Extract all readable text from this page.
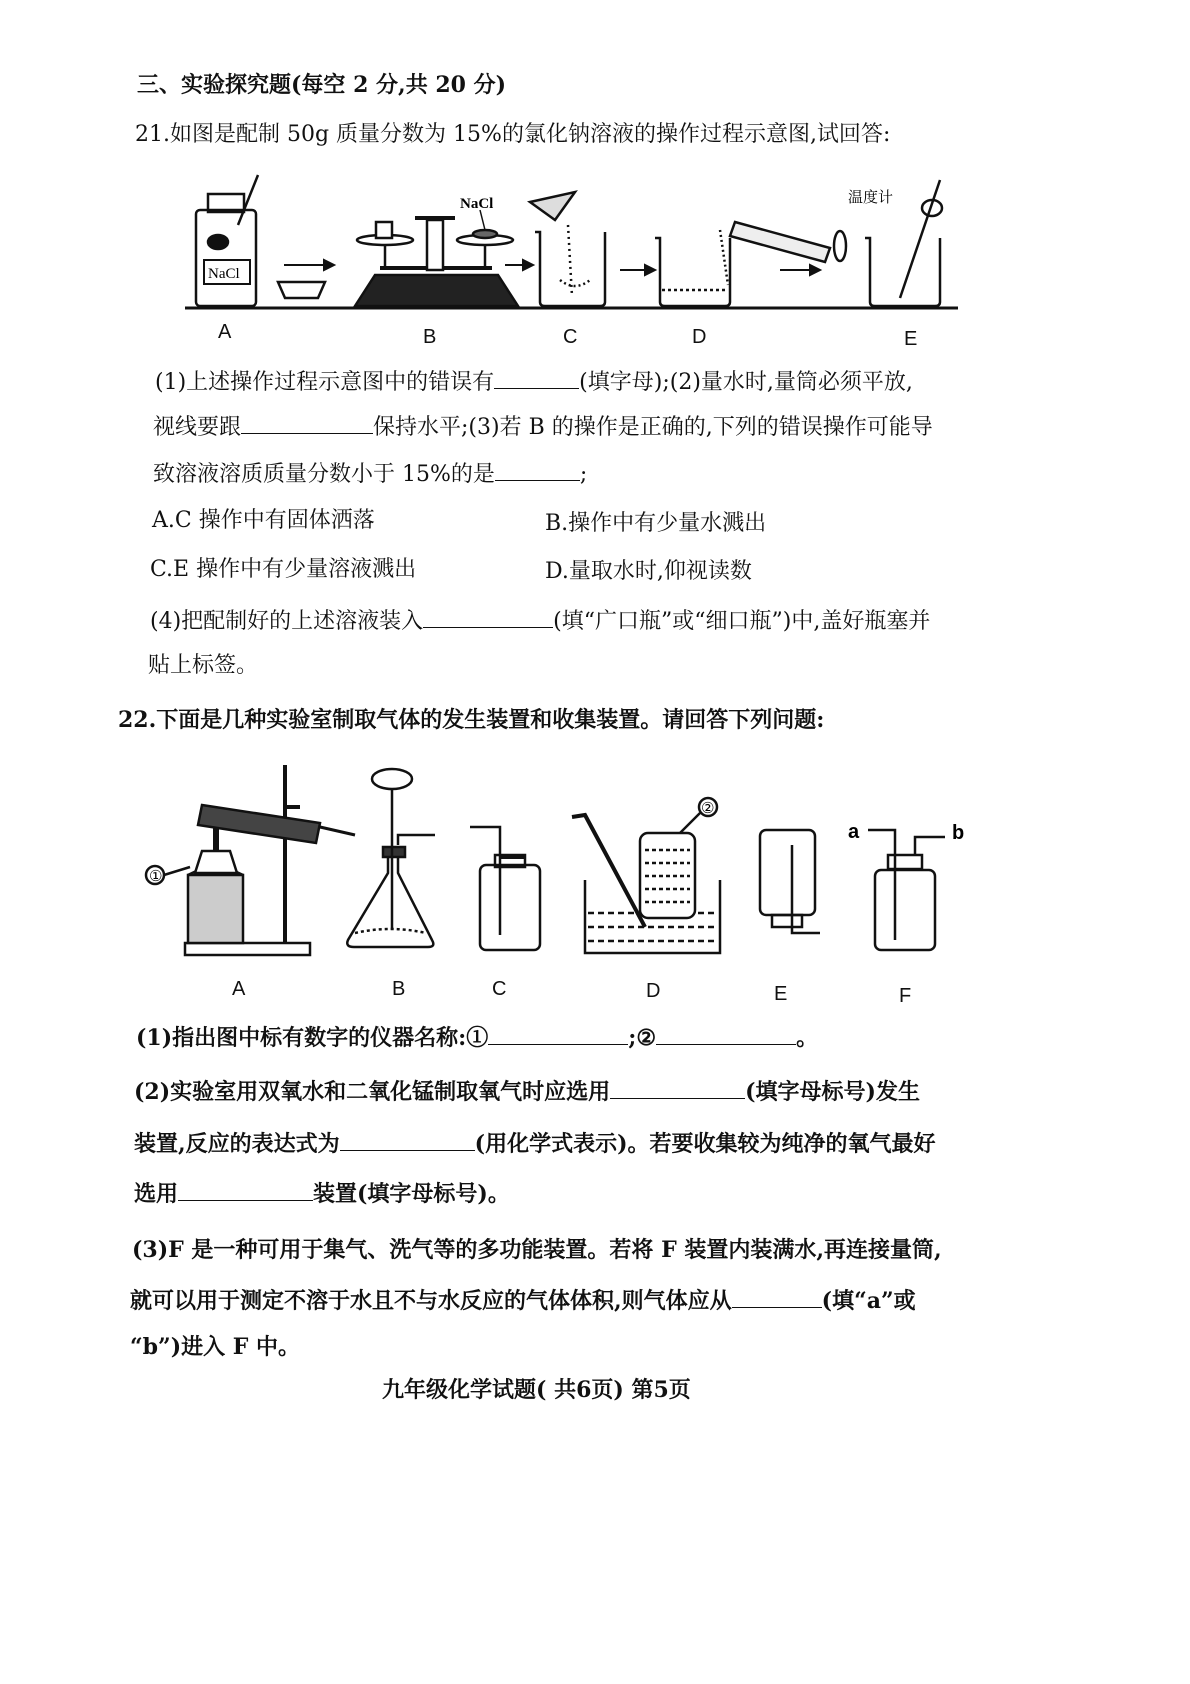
三、实验探究题(每空 2 分,共 20 分)
21.如图是配制 50g 质量分数为 15%的氯化钠溶液的操作过程示意图,试回答:
NaCl
NaCl	温度计
A	B	C	D	E
(1)上述操作过程示意图中的错误有	(填字母);(2)量水时,量筒必须平放,
视线要跟	保持水平;(3)若 B 的操作是正确的,下列的错误操作可能导
致溶液溶质质量分数小于 15%的是	;
A.C 操作中有固体洒落	B.操作中有少量水溅出
C.E 操作中有少量溶液溅出	D.量取水时,仰视读数
(4)把配制好的上述溶液装入	(填“广口瓶”或“细口瓶”)中,盖好瓶塞并
贴上标签。
22.下面是几种实验室制取气体的发生装置和收集装置。请回答下列问题:
①
②
a	b
A	B	C	D	E	F
(1)指出图中标有数字的仪器名称:①	;②	。
(2)实验室用双氧水和二氧化锰制取氧气时应选用	(填字母标号)发生
装置,反应的表达式为	(用化学式表示)。若要收集较为纯净的氧气最好
选用	装置(填字母标号)。
(3)F 是一种可用于集气、洗气等的多功能装置。若将 F 装置内装满水,再连接量筒,
就可以用于测定不溶于水且不与水反应的气体体积,则气体应从	(填“a”或
“b”)进入 F 中。
九年级化学试题( 共6页) 第5页
